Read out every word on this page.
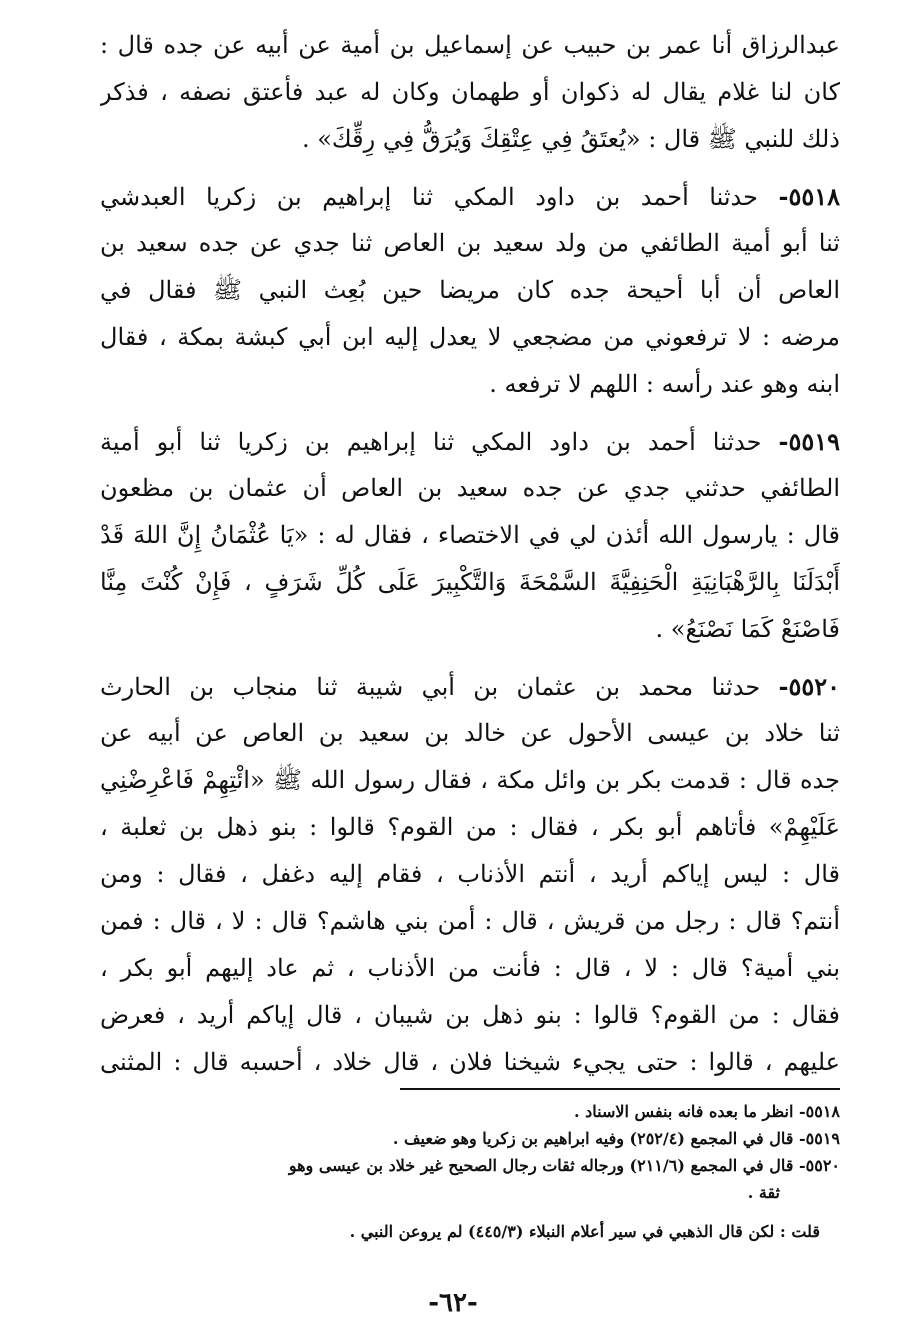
عبدالرزاق أنا عمر بن حبيب عن إسماعيل بن أمية عن أبيه عن جده قال :
كان لنا غلام يقال له ذكوان أو طهمان وكان له عبد فأعتق نصفه ، فذكر
ذلك للنبي ﷺ قال : «يُعتَقُ فِي عِتْقِكَ وَيُرَقُّ فِي رِقِّكَ» .
٥٥١٨- حدثنا أحمد بن داود المكي ثنا إبراهيم بن زكريا العبدشي
ثنا أبو أمية الطائفي من ولد سعيد بن العاص ثنا جدي عن جده سعيد بن
العاص أن أبا أحيحة جده كان مريضا حين بُعِث النبي ﷺ فقال في
مرضه : لا ترفعوني من مضجعي لا يعدل إليه ابن أبي كبشة بمكة ، فقال
ابنه وهو عند رأسه : اللهم لا ترفعه .
٥٥١٩- حدثنا أحمد بن داود المكي ثنا إبراهيم بن زكريا ثنا أبو أمية
الطائفي حدثني جدي عن جده سعيد بن العاص أن عثمان بن مظعون
قال : يارسول الله أئذن لي في الاختصاء ، فقال له : «يَا عُثْمَانُ إِنَّ اللهَ قَدْ
أَبْدَلَنَا بِالرَّهْبَانِيَةِ الْحَنِفِيَّةَ السَّمْحَةَ وَالتَّكْبِيرَ عَلَى كُلِّ شَرَفٍ ، فَإِنْ كُنْتَ مِنَّا
فَاصْنَعْ كَمَا نَصْنَعُ» .
٥٥٢٠- حدثنا محمد بن عثمان بن أبي شيبة ثنا منجاب بن الحارث
ثنا خلاد بن عيسى الأحول عن خالد بن سعيد بن العاص عن أبيه عن
جده قال : قدمت بكر بن وائل مكة ، فقال رسول الله ﷺ «ائْتِهِمْ فَاعْرِضْنِي
عَلَيْهِمْ» فأتاهم أبو بكر ، فقال : من القوم؟ قالوا : بنو ذهل بن ثعلبة ،
قال : ليس إياكم أريد ، أنتم الأذناب ، فقام إليه دغفل ، فقال : ومن
أنتم؟ قال : رجل من قريش ، قال : أمن بني هاشم؟ قال : لا ، قال : فمن
بني أمية؟ قال : لا ، قال : فأنت من الأذناب ، ثم عاد إليهم أبو بكر ،
فقال : من القوم؟ قالوا : بنو ذهل بن شيبان ، قال إياكم أريد ، فعرض
عليهم ، قالوا : حتى يجيء شيخنا فلان ، قال خلاد ، أحسبه قال : المثنى
٥٥١٨- انظر ما بعده فانه بنفس الاسناد .
٥٥١٩- قال في المجمع (٢٥٢/٤) وفيه ابراهيم بن زكريا وهو ضعيف .
٥٥٢٠- قال في المجمع (٢١١/٦) ورجاله ثقات رجال الصحيح غير خلاد بن عيسى وهو
ثقة .
قلت : لكن قال الذهبي في سير أعلام النبلاء (٤٤٥/٣) لم يروعن النبي .
-٦٢-
